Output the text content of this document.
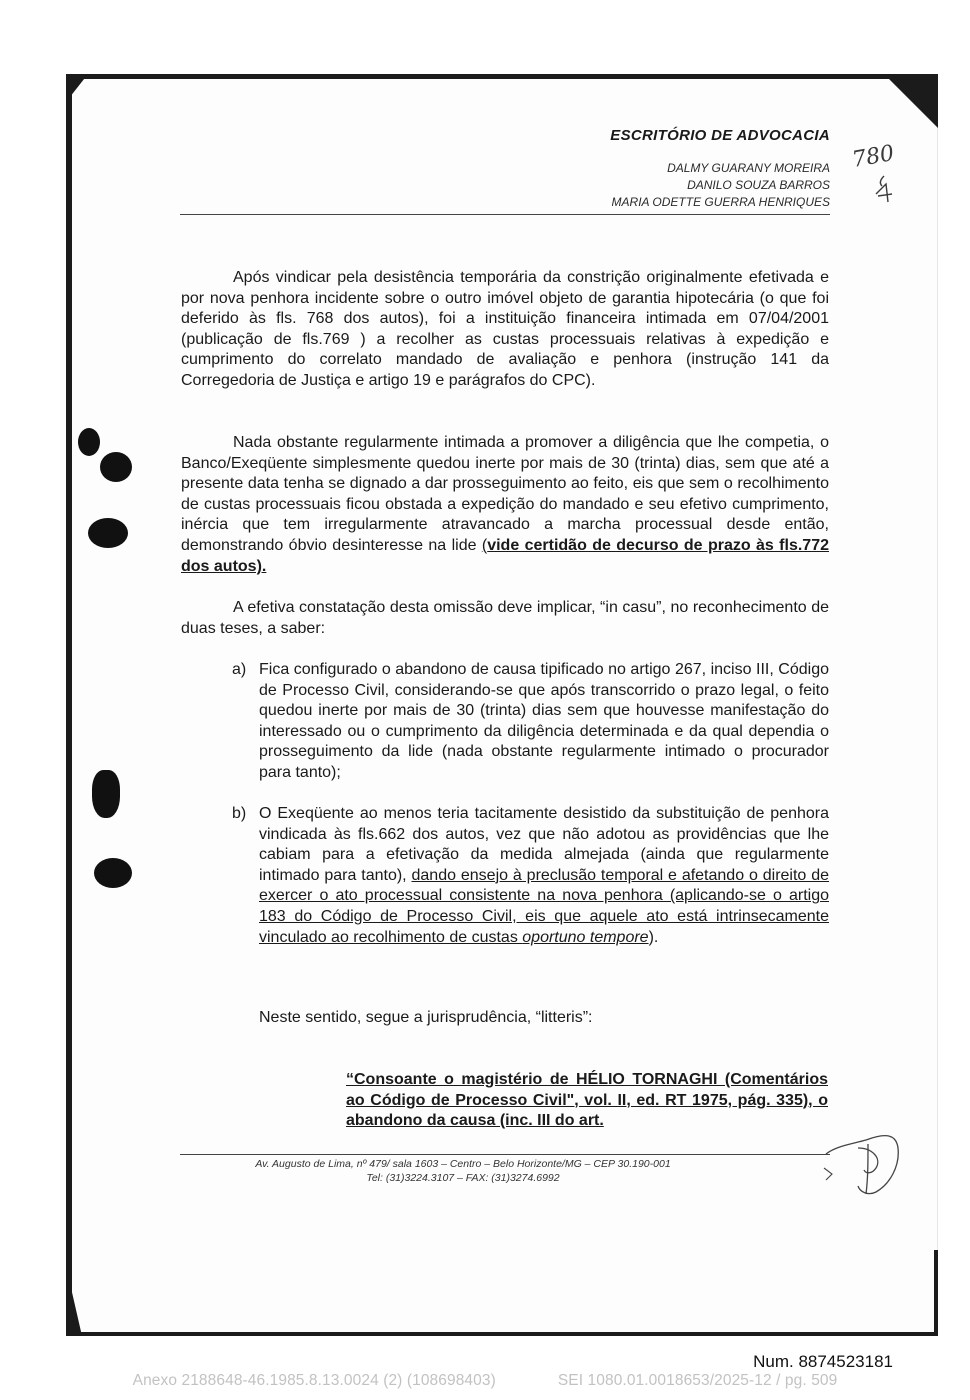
ESCRITÓRIO DE ADVOCACIA
DALMY GUARANY MOREIRA
DANILO SOUZA BARROS
MARIA ODETTE GUERRA HENRIQUES
780

Após vindicar pela desistência temporária da constrição originalmente efetivada e por nova penhora incidente sobre o outro imóvel objeto de garantia hipotecária (o que foi deferido às fls. 768 dos autos), foi a instituição financeira intimada em 07/04/2001 (publicação de fls.769 ) a recolher as custas processuais relativas à expedição e cumprimento do correlato mandado de avaliação e penhora (instrução 141 da Corregedoria de Justiça e artigo 19 e parágrafos do CPC).

Nada obstante regularmente intimada a promover a diligência que lhe competia, o Banco/Exeqüente simplesmente quedou inerte por mais de 30 (trinta) dias, sem que até a presente data tenha se dignado a dar prosseguimento ao feito, eis que sem o recolhimento de custas processuais ficou obstada a expedição do mandado e seu efetivo cumprimento, inércia que tem irregularmente atravancado a marcha processual desde então, demonstrando óbvio desinteresse na lide (vide certidão de decurso de prazo às fls.772 dos autos).

A efetiva constatação desta omissão deve implicar, “in casu”, no reconhecimento de duas teses, a saber:

a) Fica configurado o abandono de causa tipificado no artigo 267, inciso III, Código de Processo Civil, considerando-se que após transcorrido o prazo legal, o feito quedou inerte por mais de 30 (trinta) dias sem que houvesse manifestação do interessado ou o cumprimento da diligência determinada e da qual dependia o prosseguimento da lide (nada obstante regularmente intimado o procurador para tanto);
b) O Exeqüente ao menos teria tacitamente desistido da substituição de penhora vindicada às fls.662 dos autos, vez que não adotou as providências que lhe cabiam para a efetivação da medida almejada (ainda que regularmente intimado para tanto), dando ensejo à preclusão temporal e afetando o direito de exercer o ato processual consistente na nova penhora (aplicando-se o artigo 183 do Código de Processo Civil, eis que aquele ato está intrinsecamente vinculado ao recolhimento de custas oportuno tempore).
Neste sentido, segue a jurisprudência, “litteris”:
“Consoante o magistério de HÉLIO TORNAGHI (Comentários ao Código de Processo Civil", vol. II, ed. RT 1975, pág. 335), o abandono da causa (inc. III do art.
Av. Augusto de Lima, nº 479/ sala 1603 – Centro – Belo Horizonte/MG – CEP 30.190-001
Tel: (31)3224.3107 – FAX: (31)3274.6992
Num. 8874523181
Anexo 2188648-46.1985.8.13.0024 (2) (108698403)	SEI 1080.01.0018653/2025-12 / pg. 509
